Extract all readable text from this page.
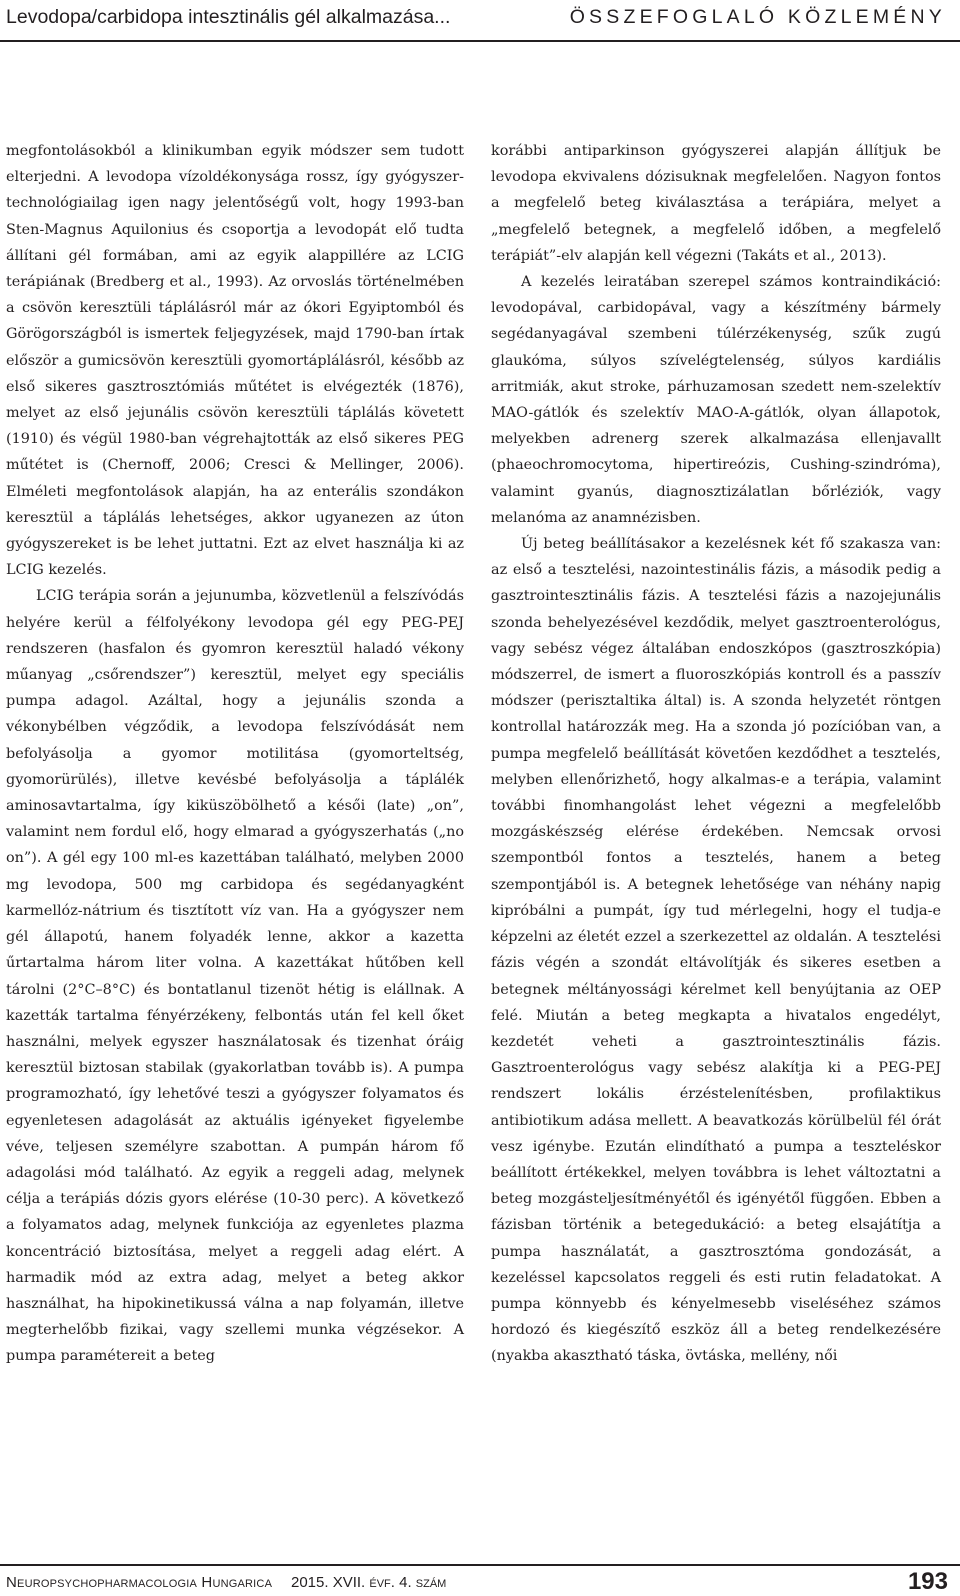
Levodopa/carbidopa intesztinális gél alkalmazása...	ÖSSZEFOGLALÓ KÖZLEMÉNY

megfontolásokból a klinikumban egyik módszer sem tudott elterjedni. A levodopa vízoldékonysága rossz, így gyógyszer-technológiailag igen nagy jelentőségű volt, hogy 1993-ban Sten-Magnus Aquilonius és csoportja a levodopát elő tudta állítani gél formában, ami az egyik alappillére az LCIG terápiának (Bredberg et al., 1993). Az orvoslás történelmében a csövön keresztüli táplálásról már az ókori Egyiptomból és Görögországból is ismertek feljegyzések, majd 1790-ban írtak először a gumicsövön keresztüli gyomortáplálásról, később az első sikeres gasztrosztómiás műtétet is elvégezték (1876), melyet az első jejunális csövön keresztüli táplálás követett (1910) és végül 1980-ban végrehajtották az első sikeres PEG műtétet is (Chernoff, 2006; Cresci & Mellinger, 2006). Elméleti megfontolások alapján, ha az enterális szondákon keresztül a táplálás lehetséges, akkor ugyanezen az úton gyógyszereket is be lehet juttatni. Ezt az elvet használja ki az LCIG kezelés.

LCIG terápia során a jejunumba, közvetlenül a felszívódás helyére kerül a félfolyékony levodopa gél egy PEG-PEJ rendszeren (hasfalon és gyomron keresztül haladó vékony műanyag „csőrendszer”) keresztül, melyet egy speciális pumpa adagol. Azáltal, hogy a jejunális szonda a vékonybélben végződik, a levodopa felszívódását nem befolyásolja a gyomor motilitása (gyomorteltség, gyomorürülés), illetve kevésbé befolyásolja a táplálék aminosavtartalma, így kiküszöbölhető a késői (late) „on”, valamint nem fordul elő, hogy elmarad a gyógyszerhatás („no on”). A gél egy 100 ml-es kazettában található, melyben 2000 mg levodopa, 500 mg carbidopa és segédanyagként karmellóz-nátrium és tisztított víz van. Ha a gyógyszer nem gél állapotú, hanem folyadék lenne, akkor a kazetta űrtartalma három liter volna. A kazettákat hűtőben kell tárolni (2°C–8°C) és bontatlanul tizenöt hétig is elállnak. A kazetták tartalma fényérzékeny, felbontás után fel kell őket használni, melyek egyszer használatosak és tizenhat óráig keresztül biztosan stabilak (gyakorlatban tovább is). A pumpa programozható, így lehetővé teszi a gyógyszer folyamatos és egyenletesen adagolását az aktuális igényeket figyelembe véve, teljesen személyre szabottan. A pumpán három fő adagolási mód található. Az egyik a reggeli adag, melynek célja a terápiás dózis gyors elérése (10-30 perc). A következő a folyamatos adag, melynek funkciója az egyenletes plazma koncentráció biztosítása, melyet a reggeli adag elért. A harmadik mód az extra adag, melyet a beteg akkor használhat, ha hipokinetikussá válna a nap folyamán, illetve megterhelőbb fizikai, vagy szellemi munka végzésekor. A pumpa paramétereit a beteg

korábbi antiparkinson gyógyszerei alapján állítjuk be levodopa ekvivalens dózisuknak megfelelően. Nagyon fontos a megfelelő beteg kiválasztása a terápiára, melyet a „megfelelő betegnek, a megfelelő időben, a megfelelő terápiát”-elv alapján kell végezni (Takáts et al., 2013).

A kezelés leiratában szerepel számos kontraindikáció: levodopával, carbidopával, vagy a készítmény bármely segédanyagával szembeni túlérzékenység, szűk zugú glaukóma, súlyos szívelégtelenség, súlyos kardiális arritmiák, akut stroke, párhuzamosan szedett nem-szelektív MAO-gátlók és szelektív MAO-A-gátlók, olyan állapotok, melyekben adrenerg szerek alkalmazása ellenjavallt (phaeochromocytoma, hipertireózis, Cushing-szindróma), valamint gyanús, diagnosztizálatlan bőrléziók, vagy melanóma az anamnézisben.

Új beteg beállításakor a kezelésnek két fő szakasza van: az első a tesztelési, nazointestinális fázis, a második pedig a gasztrointesztinális fázis. A tesztelési fázis a nazojejunális szonda behelyezésével kezdődik, melyet gasztroenterológus, vagy sebész végez általában endoszkópos (gasztroszkópia) módszerrel, de ismert a fluoroszkópiás kontroll és a passzív módszer (perisztaltika által) is. A szonda helyzetét röntgen kontrollal határozzák meg. Ha a szonda jó pozícióban van, a pumpa megfelelő beállítását követően kezdődhet a tesztelés, melyben ellenőrizhető, hogy alkalmas-e a terápia, valamint további finomhangolást lehet végezni a megfelelőbb mozgáskészség elérése érdekében. Nemcsak orvosi szempontból fontos a tesztelés, hanem a beteg szempontjából is. A betegnek lehetősége van néhány napig kipróbálni a pumpát, így tud mérlegelni, hogy el tudja-e képzelni az életét ezzel a szerkezettel az oldalán. A tesztelési fázis végén a szondát eltávolítják és sikeres esetben a betegnek méltányossági kérelmet kell benyújtania az OEP felé. Miután a beteg megkapta a hivatalos engedélyt, kezdetét veheti a gasztrointesztinális fázis. Gasztroenterológus vagy sebész alakítja ki a PEG-PEJ rendszert lokális érzéstelenítésben, profilaktikus antibiotikum adása mellett. A beavatkozás körülbelül fél órát vesz igénybe. Ezután elindítható a pumpa a teszteléskor beállított értékekkel, melyen továbbra is lehet változtatni a beteg mozgásteljesítményétől és igényétől függően. Ebben a fázisban történik a betegedukáció: a beteg elsajátítja a pumpa használatát, a gasztrosztóma gondozását, a kezeléssel kapcsolatos reggeli és esti rutin feladatokat. A pumpa könnyebb és kényelmesebb viseléséhez számos hordozó és kiegészítő eszköz áll a beteg rendelkezésére (nyakba akasztható táska, övtáska, mellény, női

Neuropsychopharmacologia Hungarica 2015. XVII. évf. 4. szám	193
